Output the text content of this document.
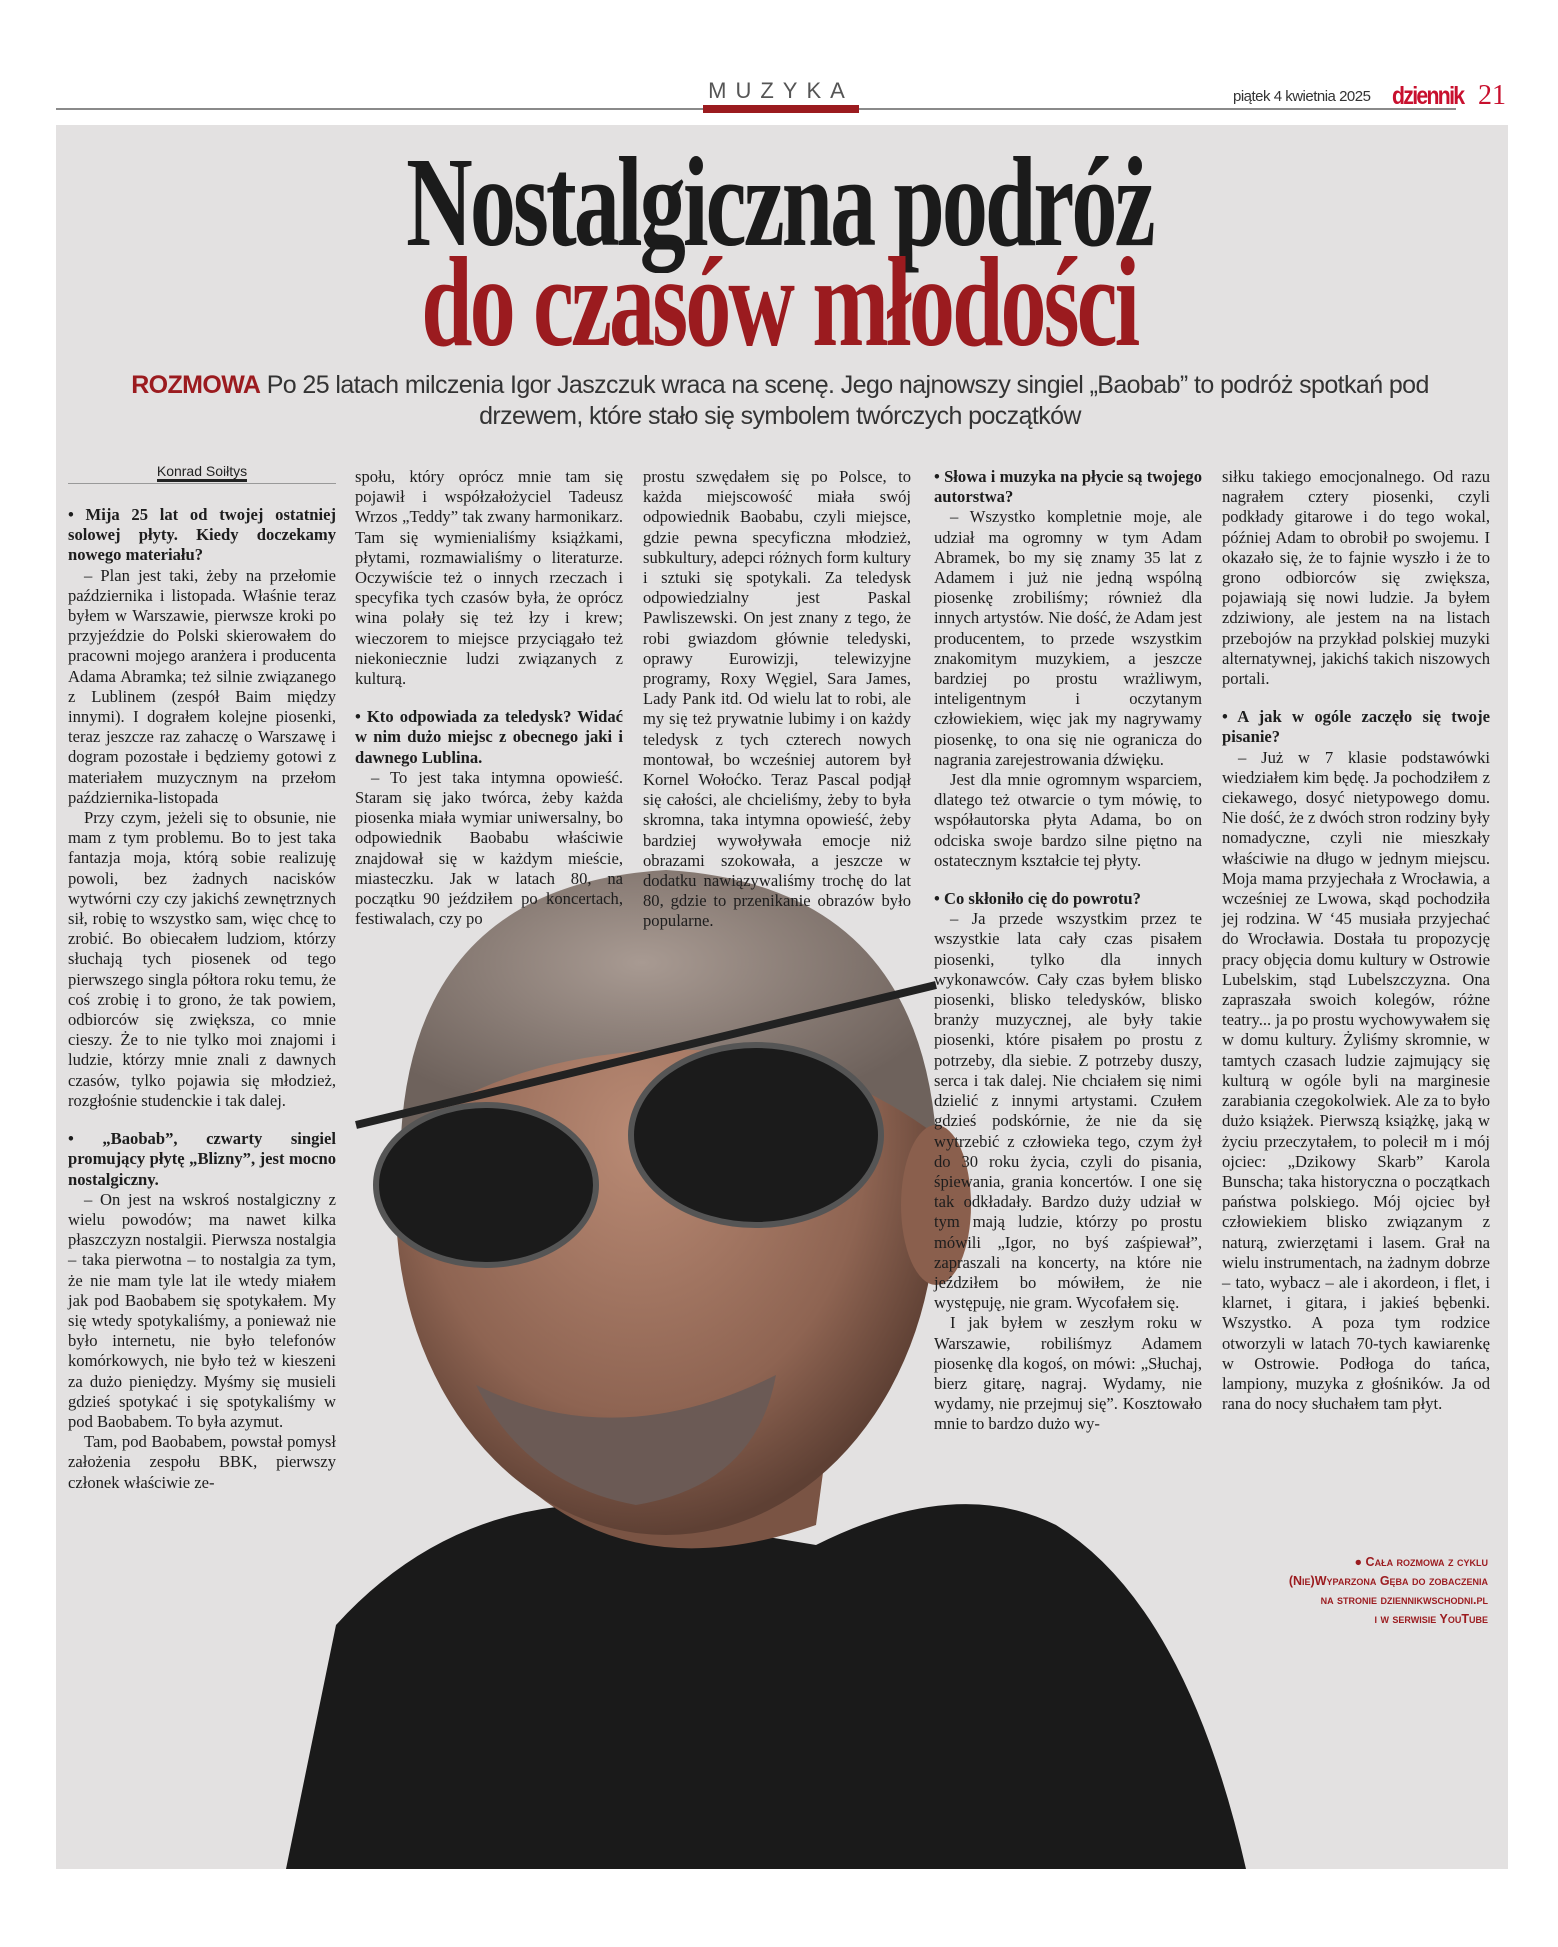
MUZYKA	piątek 4 kwietnia 2025 dziennik 21
Nostalgiczna podróż
do czasów młodości
ROZMOWA Po 25 latach milczenia Igor Jaszczuk wraca na scenę. Jego najnowszy singiel „Baobab” to podróż spotkań pod drzewem, które stało się symbolem twórczych początków
Konrad Soiłtys

• Mija 25 lat od twojej ostatniej solowej płyty. Kiedy doczekamy nowego materiału?

– Plan jest taki, żeby na przełomie października i listopada. Właśnie teraz byłem w Warszawie, pierwsze kroki po przyjeździe do Polski skierowałem do pracowni mojego aranżera i producenta Adama Abramka; też silnie związanego z Lublinem (zespół Baim między innymi). I dograłem kolejne piosenki, teraz jeszcze raz zahaczę o Warszawę i dogram pozostałe i będziemy gotowi z materiałem muzycznym na przełom października-listopada

Przy czym, jeżeli się to obsunie, nie mam z tym problemu. Bo to jest taka fantazja moja, którą sobie realizuję powoli, bez żadnych nacisków wytwórni czy czy jakichś zewnętrznych sił, robię to wszystko sam, więc chcę to zrobić. Bo obiecałem ludziom, którzy słuchają tych piosenek od tego pierwszego singla półtora roku temu, że coś zrobię i to grono, że tak powiem, odbiorców się zwiększa, co mnie cieszy. Że to nie tylko moi znajomi i ludzie, którzy mnie znali z dawnych czasów, tylko pojawia się młodzież, rozgłośnie studenckie i tak dalej.

• „Baobab”, czwarty singiel promujący płytę „Blizny”, jest mocno nostalgiczny.

– On jest na wskroś nostalgiczny z wielu powodów; ma nawet kilka płaszczyzn nostalgii. Pierwsza nostalgia – taka pierwotna – to nostalgia za tym, że nie mam tyle lat ile wtedy miałem jak pod Baobabem się spotykałem. My się wtedy spotykaliśmy, a ponieważ nie było internetu, nie było telefonów komórkowych, nie było też w kieszeni za dużo pieniędzy. Myśmy się musieli gdzieś spotykać i się spotykaliśmy w pod Baobabem. To była azymut.

Tam, pod Baobabem, powstał pomysł założenia zespołu BBK, pierwszy członek właściwie ze-

społu, który oprócz mnie tam się pojawił i współzałożyciel Tadeusz Wrzos „Teddy” tak zwany harmonikarz. Tam się wymienialiśmy książkami, płytami, rozmawialiśmy o literaturze. Oczywiście też o innych rzeczach i specyfika tych czasów była, że oprócz wina polały się też łzy i krew; wieczorem to miejsce przyciągało też niekoniecznie ludzi związanych z kulturą.

• Kto odpowiada za teledysk? Widać w nim dużo miejsc z obecnego jaki i dawnego Lublina.

– To jest taka intymna opowieść. Staram się jako twórca, żeby każda piosenka miała wymiar uniwersalny, bo odpowiednik Baobabu właściwie znajdował się w każdym mieście, miasteczku. Jak w latach 80, na początku 90 jeździłem po koncertach, festiwalach, czy po

prostu szwędałem się po Polsce, to każda miejscowość miała swój odpowiednik Baobabu, czyli miejsce, gdzie pewna specyficzna młodzież, subkultury, adepci różnych form kultury i sztuki się spotykali. Za teledysk odpowiedzialny jest Paskal Pawliszewski. On jest znany z tego, że robi gwiazdom głównie teledyski, oprawy Eurowizji, telewizyjne programy, Roxy Węgiel, Sara James, Lady Pank itd. Od wielu lat to robi, ale my się też prywatnie lubimy i on każdy teledysk z tych czterech nowych montował, bo wcześniej autorem był Kornel Wołoćko. Teraz Pascal podjął się całości, ale chcieliśmy, żeby to była skromna, taka intymna opowieść, żeby bardziej wywoływała emocje niż obrazami szokowała, a jeszcze w dodatku nawiązywaliśmy trochę do lat 80, gdzie to przenikanie obrazów było popularne.

• Słowa i muzyka na płycie są twojego autorstwa?

– Wszystko kompletnie moje, ale udział ma ogromny w tym Adam Abramek, bo my się znamy 35 lat z Adamem i już nie jedną wspólną piosenkę zrobiliśmy; również dla innych artystów. Nie dość, że Adam jest producentem, to przede wszystkim znakomitym muzykiem, a jeszcze bardziej po prostu wrażliwym, inteligentnym i oczytanym człowiekiem, więc jak my nagrywamy piosenkę, to ona się nie ogranicza do nagrania zarejestrowania dźwięku.

Jest dla mnie ogromnym wsparciem, dlatego też otwarcie o tym mówię, to współautorska płyta Adama, bo on odciska swoje bardzo silne piętno na ostatecznym kształcie tej płyty.

• Co skłoniło cię do powrotu?

– Ja przede wszystkim przez te wszystkie lata cały czas pisałem piosenki, tylko dla innych wykonawców. Cały czas byłem blisko piosenki, blisko teledysków, blisko branży muzycznej, ale były takie piosenki, które pisałem po prostu z potrzeby, dla siebie. Z potrzeby duszy, serca i tak dalej. Nie chciałem się nimi dzielić z innymi artystami. Czułem gdzieś podskórnie, że nie da się wytrzebić z człowieka tego, czym żył do 30 roku życia, czyli do pisania, śpiewania, grania koncertów. I one się tak odkładały. Bardzo duży udział w tym mają ludzie, którzy po prostu mówili „Igor, no byś zaśpiewał”, zapraszali na koncerty, na które nie jeździłem bo mówiłem, że nie występuję, nie gram. Wycofałem się.

I jak byłem w zeszłym roku w Warszawie, robiliśmyz Adamem piosenkę dla kogoś, on mówi: „Słuchaj, bierz gitarę, nagraj. Wydamy, nie wydamy, nie przejmuj się”. Kosztowało mnie to bardzo dużo wy-

siłku takiego emocjonalnego. Od razu nagrałem cztery piosenki, czyli podkłady gitarowe i do tego wokal, później Adam to obrobił po swojemu. I okazało się, że to fajnie wyszło i że to grono odbiorców się zwiększa, pojawiają się nowi ludzie. Ja byłem zdziwiony, ale jestem na na listach przebojów na przykład polskiej muzyki alternatywnej, jakichś takich niszowych portali.

• A jak w ogóle zaczęło się twoje pisanie?

– Już w 7 klasie podstawówki wiedziałem kim będę. Ja pochodziłem z ciekawego, dosyć nietypowego domu. Nie dość, że z dwóch stron rodziny były nomadyczne, czyli nie mieszkały właściwie na długo w jednym miejscu. Moja mama przyjechała z Wrocławia, a wcześniej ze Lwowa, skąd pochodziła jej rodzina. W ‘45 musiała przyjechać do Wrocławia. Dostała tu propozycję pracy objęcia domu kultury w Ostrowie Lubelskim, stąd Lubelszczyzna. Ona zapraszała swoich kolegów, różne teatry... ja po prostu wychowywałem się w domu kultury. Żyliśmy skromnie, w tamtych czasach ludzie zajmujący się kulturą w ogóle byli na marginesie zarabiania czegokolwiek. Ale za to było dużo książek. Pierwszą książkę, jaką w życiu przeczytałem, to polecił m i mój ojciec: „Dzikowy Skarb” Karola Bunscha; taka historyczna o początkach państwa polskiego. Mój ojciec był człowiekiem blisko związanym z naturą, zwierzętami i lasem. Grał na wielu instrumentach, na żadnym dobrze – tato, wybacz – ale i akordeon, i flet, i klarnet, i gitara, i jakieś bębenki. Wszystko. A poza tym rodzice otworzyli w latach 70-tych kawiarenkę w Ostrowie. Podłoga do tańca, lampiony, muzyka z głośników. Ja od rana do nocy słuchałem tam płyt.

● Cała rozmowa z cyklu
(Nie)Wyparzona Gęba do zobaczenia
na stronie dziennikwschodni.pl
i w serwisie YouTube
